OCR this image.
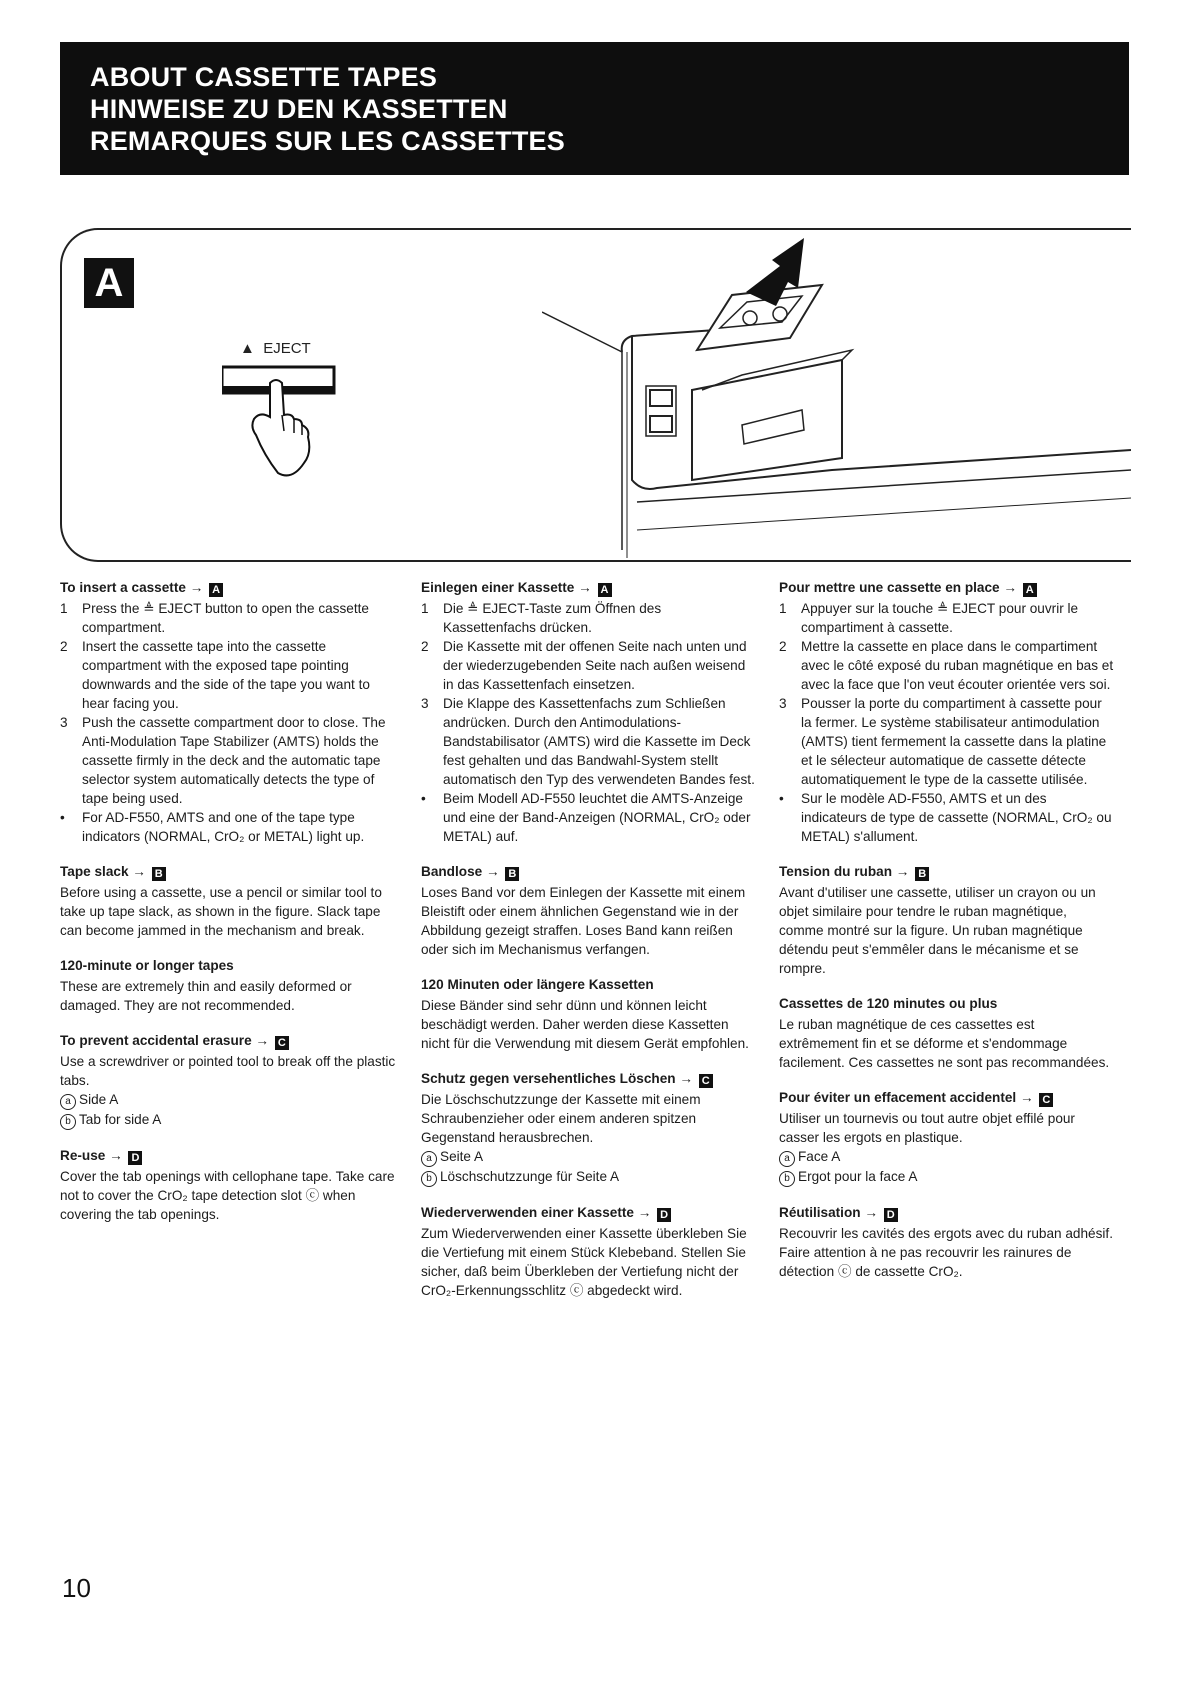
ABOUT CASSETTE TAPES
HINWEISE ZU DEN KASSETTEN
REMARQUES SUR LES CASSETTES
A
▲ EJECT
To insert a cassette → A
1 Press the ≜ EJECT button to open the cassette compartment.
2 Insert the cassette tape into the cassette compartment with the exposed tape pointing downwards and the side of the tape you want to hear facing you.
3 Push the cassette compartment door to close. The Anti-Modulation Tape Stabilizer (AMTS) holds the cassette firmly in the deck and the automatic tape selector system automatically detects the type of tape being used.
• For AD-F550, AMTS and one of the tape type indicators (NORMAL, CrO₂ or METAL) light up.
Tape slack → B

Before using a cassette, use a pencil or similar tool to take up tape slack, as shown in the figure. Slack tape can become jammed in the mechanism and break.

120-minute or longer tapes

These are extremely thin and easily deformed or damaged. They are not recommended.

To prevent accidental erasure → C

Use a screwdriver or pointed tool to break off the plastic tabs.

a Side A
b Tab for side A
Re-use → D

Cover the tab openings with cellophane tape. Take care not to cover the CrO₂ tape detection slot ⓒ when covering the tab openings.

Einlegen einer Kassette → A
1 Die ≜ EJECT-Taste zum Öffnen des Kassettenfachs drücken.
2 Die Kassette mit der offenen Seite nach unten und der wiederzugebenden Seite nach außen weisend in das Kassettenfach einsetzen.
3 Die Klappe des Kassettenfachs zum Schließen andrücken. Durch den Antimodulations-Bandstabilisator (AMTS) wird die Kassette im Deck fest gehalten und das Bandwahl-System stellt automatisch den Typ des verwendeten Bandes fest.
• Beim Modell AD-F550 leuchtet die AMTS-Anzeige und eine der Band-Anzeigen (NORMAL, CrO₂ oder METAL) auf.
Bandlose → B

Loses Band vor dem Einlegen der Kassette mit einem Bleistift oder einem ähnlichen Gegenstand wie in der Abbildung gezeigt straffen. Loses Band kann reißen oder sich im Mechanismus verfangen.

120 Minuten oder längere Kassetten

Diese Bänder sind sehr dünn und können leicht beschädigt werden. Daher werden diese Kassetten nicht für die Verwendung mit diesem Gerät empfohlen.

Schutz gegen versehentliches Löschen → C

Die Löschschutzzunge der Kassette mit einem Schraubenzieher oder einem anderen spitzen Gegenstand herausbrechen.

a Seite A
b Löschschutzzunge für Seite A
Wiederverwenden einer Kassette → D

Zum Wiederverwenden einer Kassette überkleben Sie die Vertiefung mit einem Stück Klebeband. Stellen Sie sicher, daß beim Überkleben der Vertiefung nicht der CrO₂-Erkennungsschlitz ⓒ abgedeckt wird.

Pour mettre une cassette en place → A
1 Appuyer sur la touche ≜ EJECT pour ouvrir le compartiment à cassette.
2 Mettre la cassette en place dans le compartiment avec le côté exposé du ruban magnétique en bas et avec la face que l'on veut écouter orientée vers soi.
3 Pousser la porte du compartiment à cassette pour la fermer. Le système stabilisateur antimodulation (AMTS) tient fermement la cassette dans la platine et le sélecteur automatique de cassette détecte automatiquement le type de la cassette utilisée.
• Sur le modèle AD-F550, AMTS et un des indicateurs de type de cassette (NORMAL, CrO₂ ou METAL) s'allument.
Tension du ruban → B

Avant d'utiliser une cassette, utiliser un crayon ou un objet similaire pour tendre le ruban magnétique, comme montré sur la figure. Un ruban magnétique détendu peut s'emmêler dans le mécanisme et se rompre.

Cassettes de 120 minutes ou plus

Le ruban magnétique de ces cassettes est extrêmement fin et se déforme et s'endommage facilement. Ces cassettes ne sont pas recommandées.

Pour éviter un effacement accidentel → C

Utiliser un tournevis ou tout autre objet effilé pour casser les ergots en plastique.

a Face A
b Ergot pour la face A
Réutilisation → D

Recouvrir les cavités des ergots avec du ruban adhésif. Faire attention à ne pas recouvrir les rainures de détection ⓒ de cassette CrO₂.

10
